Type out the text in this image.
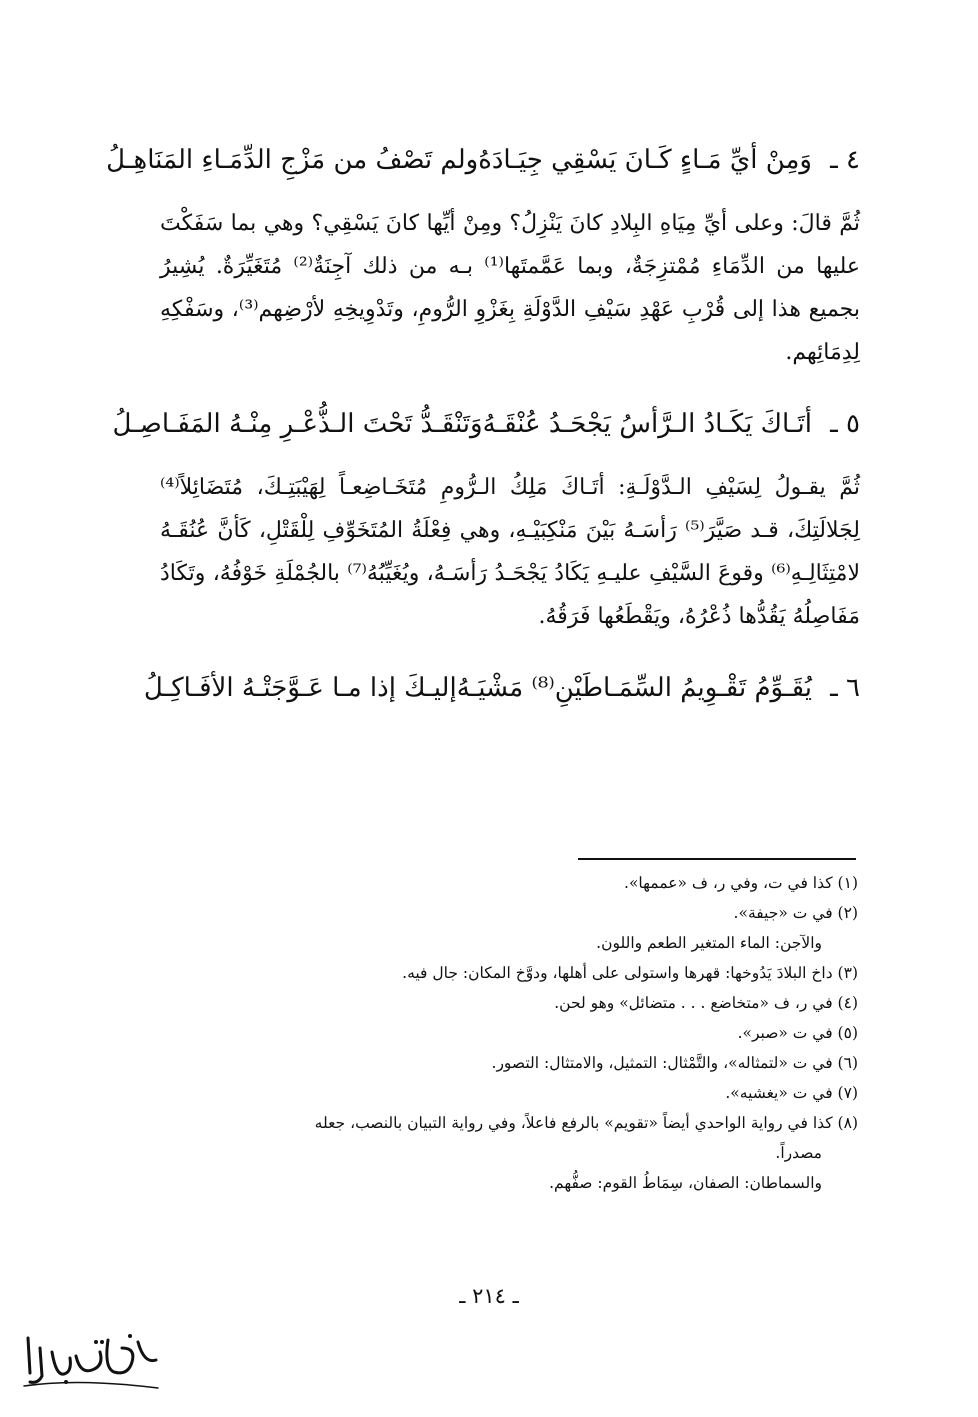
٤ ـ
وَمِنْ أيِّ مَـاءٍ كَـانَ يَسْقِي جِيَـادَهُ
ولم تَصْفُ من مَزْجِ الدِّمَـاءِ المَنَاهِـلُ

ثُمَّ قالَ: وعلى أيِّ مِيَاهِ البِلادِ كانَ يَنْزِلُ؟ ومِنْ أيِّها كانَ يَسْقِي؟ وهي بما سَفَكْتَ عليها من الدِّمَاءِ مُمْتزِجَةٌ، وبما عَمَّمتَها⁽¹⁾ بـه من ذلك آجِنَةٌ⁽²⁾ مُتَغَيِّرَةٌ. يُشِيرُ بجميع هذا إلى قُرْبِ عَهْدِ سَيْفِ الدَّوْلَةِ بِغَزْوِ الرُّومِ، وتَدْوِيخِهِ لأرْضِهم⁽³⁾، وسَفْكِهِ لِدِمَائِهم.

٥ ـ
أتَـاكَ يَكَـادُ الـرَّأسُ يَجْحَـدُ عُنْقَـهُ
وَتَنْقَـدُّ تَحْتَ الـذُّعْـرِ مِنْـهُ المَفَـاصِـلُ

ثُمَّ يقـولُ لِسَيْفِ الـدَّوْلَـةِ: أتَـاكَ مَلِكُ الـرُّومِ مُتَخَـاضِعـاً لِهَيْبَتِـكَ، مُتَضَائِلاً⁽⁴⁾ لِجَلالَتِكَ، قـد صَيَّرَ⁽⁵⁾ رَأسَـهُ بَيْنَ مَنْكِبَيْـهِ، وهي فِعْلَةُ المُتَخَوِّفِ لِلْقَتْلِ، كَأنَّ عُنُقَـهُ لامْتِثَالِـهِ⁽⁶⁾ وقوعَ السَّيْفِ عليـهِ يَكَادُ يَجْحَـدُ رَأسَـهُ، ويُغَيِّبُهُ⁽⁷⁾ بالجُمْلَةِ خَوْفُهُ، وتَكَادُ مَفَاصِلُهُ يَقُدُّها ذُعْرُهُ، ويَقْطَعُها فَرَقُهُ.

٦ ـ
يُقَـوِّمُ تَقْـوِيمُ السِّمَـاطَيْنِ⁽⁸⁾ مَشْيَـهُ
إليـكَ إذا مـا عَـوَّجَتْـهُ الأفَـاكِـلُ

(١) كذا في ت، وفي ر، ف «عممها».

(٢) في ت «جيفة».

والآجن: الماء المتغير الطعم واللون.

(٣) داخ البلادَ يَدُوخها: قهرها واستولى على أهلها، ودوَّخ المكان: جال فيه.

(٤) في ر، ف «متخاضع . . . متضائل» وهو لحن.

(٥) في ت «صبر».

(٦) في ت «لتمثاله»، والتَّمْثال: التمثيل، والامتثال: التصور.

(٧) في ت «يغشيه».

(٨) كذا في رواية الواحدي أيضاً «تقويم» بالرفع فاعلاً، وفي رواية التبيان بالنصب، جعله

مصدراً.

والسماطان: الصفان، سِمَاطُ القوم: صفُّهم.

ـ ٢١٤ ـ
